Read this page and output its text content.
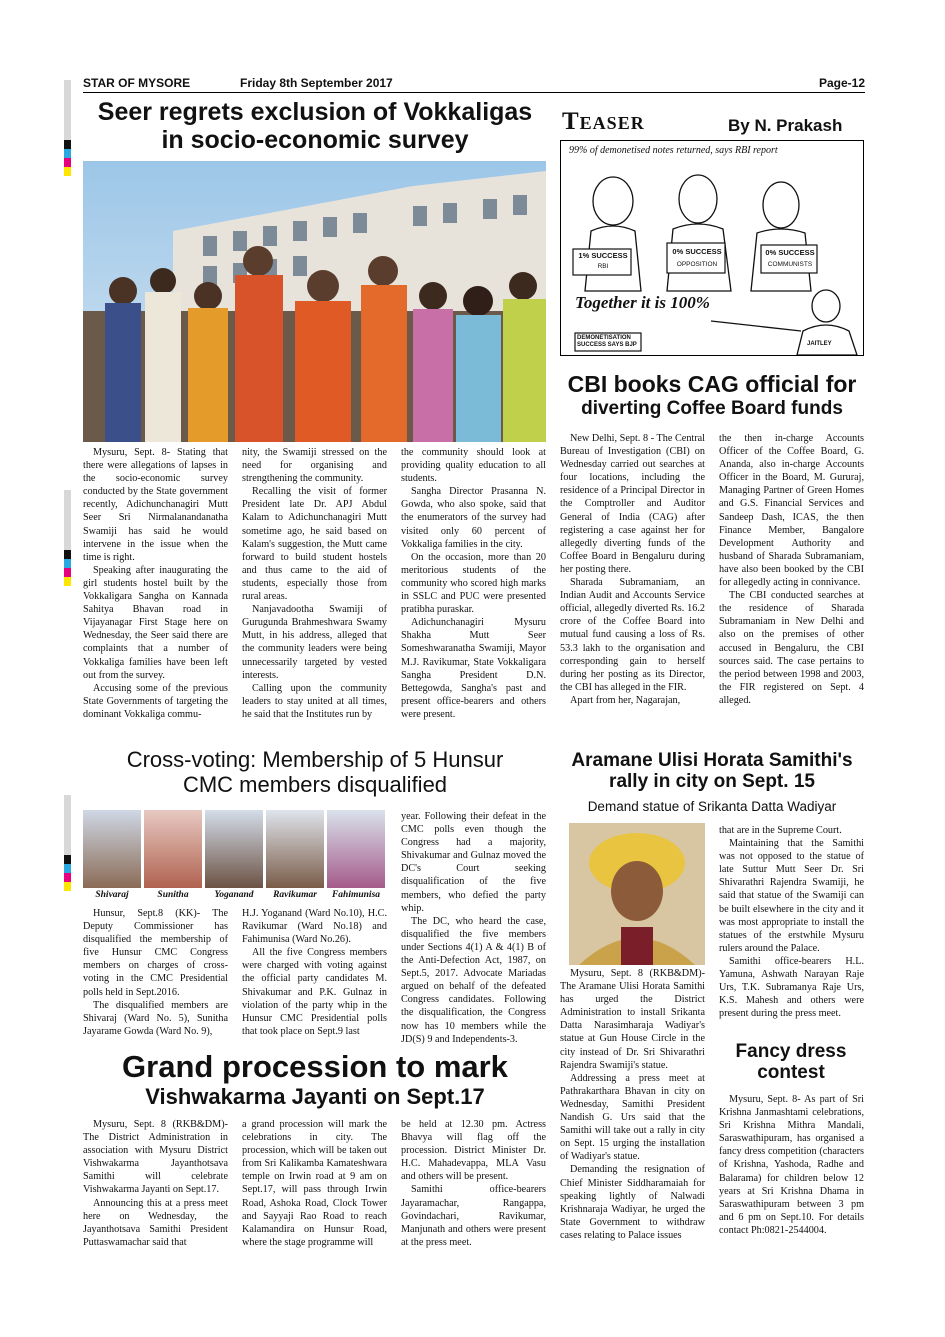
STAR OF MYSORE	Friday 8th September 2017	Page-12
Seer regrets exclusion of Vokkaligas
in socio-economic survey

Mysuru, Sept. 8- Stating that there were allegations of lapses in the socio-economic survey conducted by the State government recently, Adichunchanagiri Mutt Seer Sri Nirmalanandanatha Swamiji has said he would intervene in the issue when the time is right.

Speaking after inaugurating the girl students hostel built by the Vokkaligara Sangha on Kannada Sahitya Bhavan road in Vijayanagar First Stage here on Wednesday, the Seer said there are complaints that a number of Vokkaliga families have been left out from the survey.

Accusing some of the previous State Governments of targeting the dominant Vokkaliga commu-

nity, the Swamiji stressed on the need for organising and strengthening the community.

Recalling the visit of former President late Dr. APJ Abdul Kalam to Adichunchanagiri Mutt sometime ago, he said based on Kalam's suggestion, the Mutt came forward to build student hostels and thus came to the aid of students, especially those from rural areas.

Nanjavadootha Swamiji of Gurugunda Brahmeshwara Swamy Mutt, in his address, alleged that the community leaders were being unnecessarily targeted by vested interests.

Calling upon the community leaders to stay united at all times, he said that the Institutes run by

the community should look at providing quality education to all students.

Sangha Director Prasanna N. Gowda, who also spoke, said that the enumerators of the survey had visited only 60 percent of Vokkaliga families in the city.

On the occasion, more than 20 meritorious students of the community who scored high marks in SSLC and PUC were presented pratibha puraskar.

Adichunchanagiri Mysuru Shakha Mutt Seer Someshwaranatha Swamiji, Mayor M.J. Ravikumar, State Vokkaligara Sangha President D.N. Bettegowda, Sangha's past and present office-bearers and others were present.

Teaser	By N. Prakash
99% of demonetised notes returned, says RBI report
1% SUCCESS
RBI
0% SUCCESS
OPPOSITION
0% SUCCESS
COMMUNISTS
Together it is 100%
DEMONETISATION SUCCESS SAYS BJP	JAITLEY
CBI books CAG official for
diverting Coffee Board funds

New Delhi, Sept. 8 - The Central Bureau of Investigation (CBI) on Wednesday carried out searches at four locations, including the residence of a Principal Director in the Comptroller and Auditor General of India (CAG) after registering a case against her for allegedly diverting funds of the Coffee Board in Bengaluru during her posting there.

Sharada Subramaniam, an Indian Audit and Accounts Service official, allegedly diverted Rs. 16.2 crore of the Coffee Board into mutual fund causing a loss of Rs. 53.3 lakh to the organisation and corresponding gain to herself during her posting as its Director, the CBI has alleged in the FIR.

Apart from her, Nagarajan,

the then in-charge Accounts Officer of the Coffee Board, G. Ananda, also in-charge Accounts Officer in the Board, M. Gururaj, Managing Partner of Green Homes and G.S. Financial Services and Sandeep Dash, ICAS, the then Finance Member, Bangalore Development Authority and husband of Sharada Subramaniam, have also been booked by the CBI for allegedly acting in connivance.

The CBI conducted searches at the residence of Sharada Subramaniam in New Delhi and also on the premises of other accused in Bengaluru, the CBI sources said. The case pertains to the period between 1998 and 2003, the FIR registered on Sept. 4 alleged.

Cross-voting: Membership of 5 Hunsur
CMC members disqualified
Shivaraj	Sunitha	Yoganand	Ravikumar	Fahimunisa

Hunsur, Sept.8 (KK)- The Deputy Commissioner has disqualified the membership of five Hunsur CMC Congress members on charges of cross-voting in the CMC Presidential polls held in Sept.2016.

The disqualified members are Shivaraj (Ward No. 5), Sunitha Jayarame Gowda (Ward No. 9),

H.J. Yoganand (Ward No.10), H.C. Ravikumar (Ward No.18) and Fahimunisa (Ward No.26).

All the five Congress members were charged with voting against the official party candidates M. Shivakumar and P.K. Gulnaz in violation of the party whip in the Hunsur CMC Presidential polls that took place on Sept.9 last

year. Following their defeat in the CMC polls even though the Congress had a majority, Shivakumar and Gulnaz moved the DC's Court seeking disqualification of the five members, who defied the party whip.

The DC, who heard the case, disqualified the five members under Sections 4(1) A & 4(1) B of the Anti-Defection Act, 1987, on Sept.5, 2017. Advocate Mariadas argued on behalf of the defeated Congress candidates. Following the disqualification, the Congress now has 10 members while the JD(S) 9 and Independents-3.

Aramane Ulisi Horata Samithi's
rally in city on Sept. 15
Demand statue of Srikanta Datta Wadiyar

Mysuru, Sept. 8 (RKB&DM)- The Aramane Ulisi Horata Samithi has urged the District Administration to install Srikanta Datta Narasimharaja Wadiyar's statue at Gun House Circle in the city instead of Dr. Sri Shivarathri Rajendra Swamiji's statue.

Addressing a press meet at Pathrakarthara Bhavan in city on Wednesday, Samithi President Nandish G. Urs said that the Samithi will take out a rally in city on Sept. 15 urging the installation of Wadiyar's statue.

Demanding the resignation of Chief Minister Siddharamaiah for speaking lightly of Nalwadi Krishnaraja Wadiyar, he urged the State Government to withdraw cases relating to Palace issues

that are in the Supreme Court.

Maintaining that the Samithi was not opposed to the statue of late Suttur Mutt Seer Dr. Sri Shivarathri Rajendra Swamiji, he said that statue of the Swamiji can be built elsewhere in the city and it was most appropriate to install the statues of the erstwhile Mysuru rulers around the Palace.

Samithi office-bearers H.L. Yamuna, Ashwath Narayan Raje Urs, T.K. Subramanya Raje Urs, K.S. Mahesh and others were present during the press meet.

Fancy dress
contest

Mysuru, Sept. 8- As part of Sri Krishna Janmashtami celebrations, Sri Krishna Mithra Mandali, Saraswathipuram, has organised a fancy dress competition (characters of Krishna, Yashoda, Radhe and Balarama) for children below 12 years at Sri Krishna Dhama in Saraswathipuram between 3 pm and 6 pm on Sept.10. For details contact Ph:0821-2544004.

Grand procession to mark
Vishwakarma Jayanti on Sept.17

Mysuru, Sept. 8 (RKB&DM)- The District Administration in association with Mysuru District Vishwakarma Jayanthotsava Samithi will celebrate Vishwakarma Jayanti on Sept.17.

Announcing this at a press meet here on Wednesday, the Jayanthotsava Samithi President Puttaswamachar said that

a grand procession will mark the celebrations in city. The procession, which will be taken out from Sri Kalikamba Kamateshwara temple on Irwin road at 9 am on Sept.17, will pass through Irwin Road, Ashoka Road, Clock Tower and Sayyaji Rao Road to reach Kalamandira on Hunsur Road, where the stage programme will

be held at 12.30 pm. Actress Bhavya will flag off the procession. District Minister Dr. H.C. Mahadevappa, MLA Vasu and others will be present.

Samithi office-bearers Jayaramachar, Rangappa, Govindachari, Ravikumar, Manjunath and others were present at the press meet.
